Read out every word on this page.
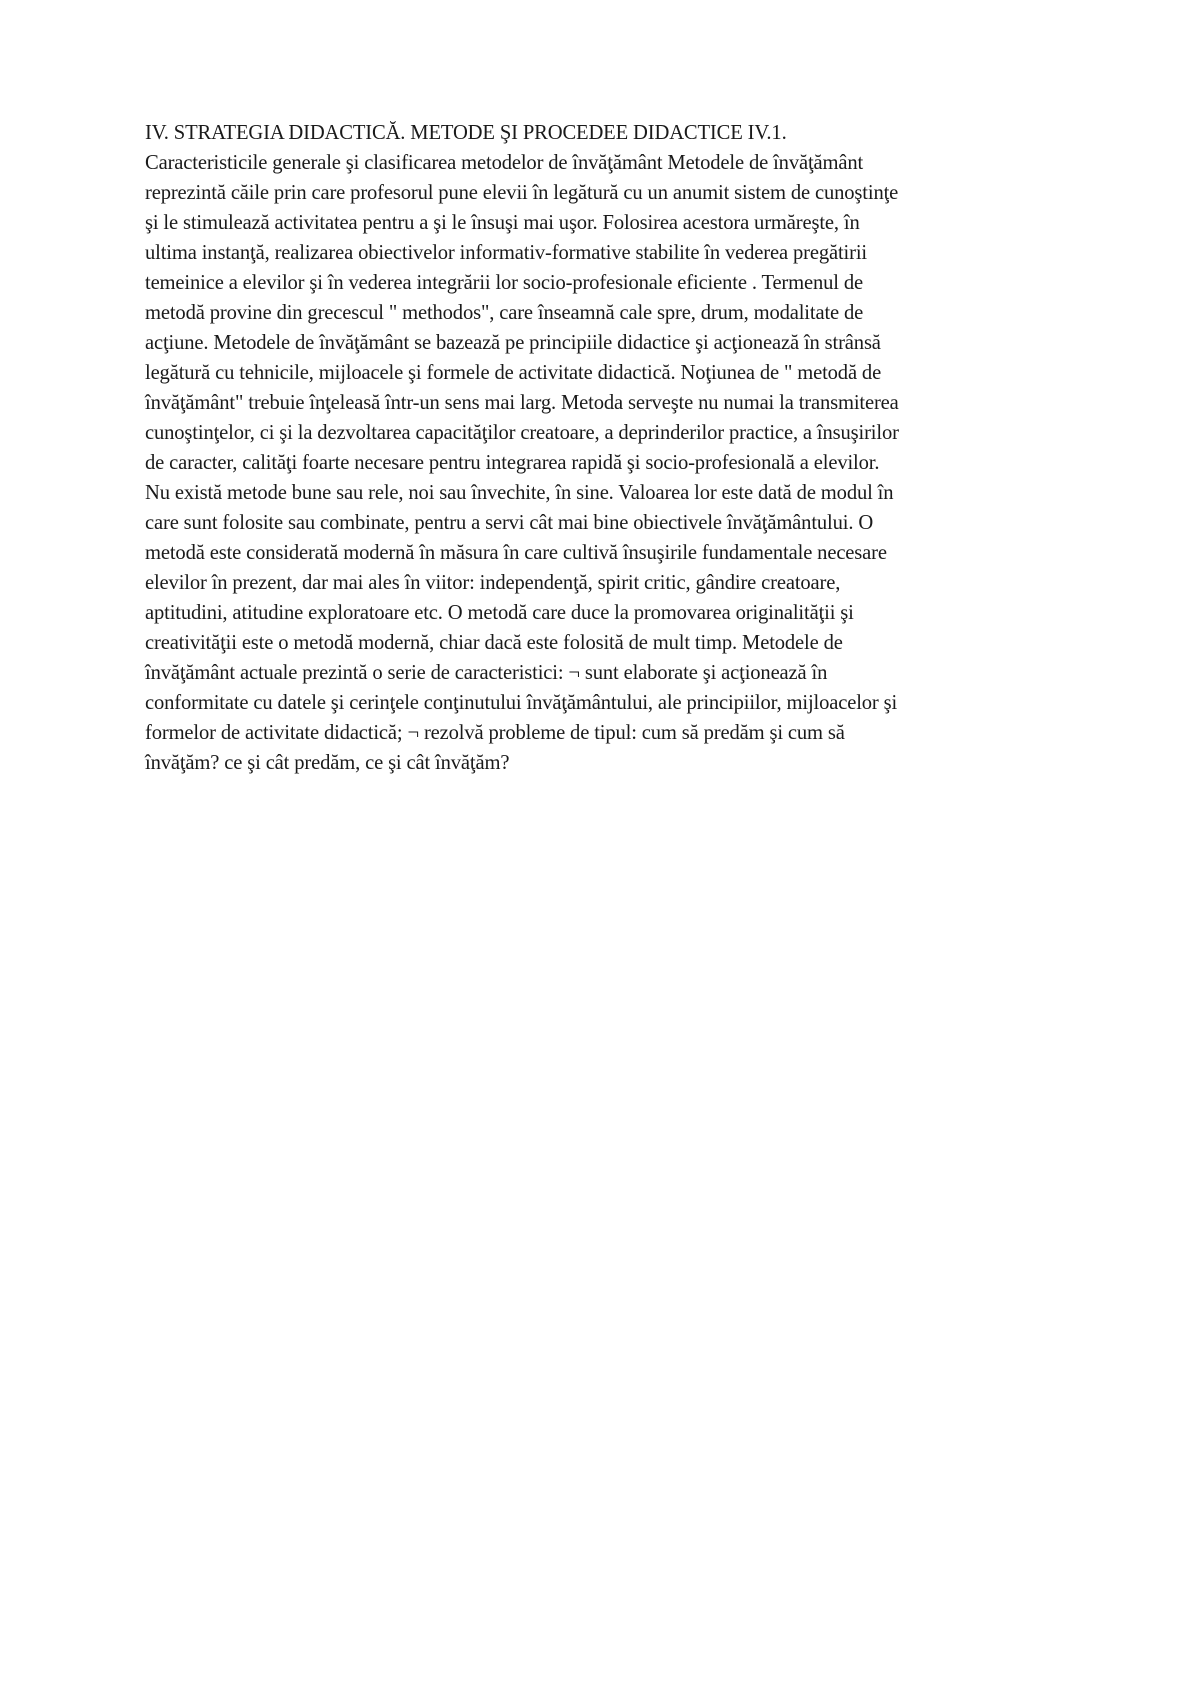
IV. STRATEGIA DIDACTICĂ. METODE ŞI PROCEDEE DIDACTICE IV.1.
Caracteristicile generale şi clasificarea metodelor de învăţământ Metodele de învăţământ
reprezintă căile prin care profesorul pune elevii în legătură cu un anumit sistem de cunoştinţe
şi le stimulează activitatea pentru a şi le însuşi mai uşor. Folosirea acestora urmăreşte, în
ultima instanţă, realizarea obiectivelor informativ-formative stabilite în vederea pregătirii
temeinice a elevilor şi în vederea integrării lor socio-profesionale eficiente . Termenul de
metodă provine din grecescul " methodos", care înseamnă cale spre, drum, modalitate de
acţiune. Metodele de învăţământ se bazează pe principiile didactice şi acţionează în strânsă
legătură cu tehnicile, mijloacele şi formele de activitate didactică. Noţiunea de " metodă de
învăţământ" trebuie înţeleasă într-un sens mai larg. Metoda serveşte nu numai la transmiterea
cunoştinţelor, ci şi la dezvoltarea capacităţilor creatoare, a deprinderilor practice, a însuşirilor
de caracter, calităţi foarte necesare pentru integrarea rapidă şi socio-profesională a elevilor.
Nu există metode bune sau rele, noi sau învechite, în sine. Valoarea lor este dată de modul în
care sunt folosite sau combinate, pentru a servi cât mai bine obiectivele învăţământului. O
metodă este considerată modernă în măsura în care cultivă însuşirile fundamentale necesare
elevilor în prezent, dar mai ales în viitor: independenţă, spirit critic, gândire creatoare,
aptitudini, atitudine exploratoare etc. O metodă care duce la promovarea originalităţii şi
creativităţii este o metodă modernă, chiar dacă este folosită de mult timp. Metodele de
învăţământ actuale prezintă o serie de caracteristici: ¬ sunt elaborate şi acţionează în
conformitate cu datele şi cerinţele conţinutului învăţământului, ale principiilor, mijloacelor şi
formelor de activitate didactică; ¬ rezolvă probleme de tipul: cum să predăm şi cum să
învăţăm? ce şi cât predăm, ce şi cât învăţăm?
